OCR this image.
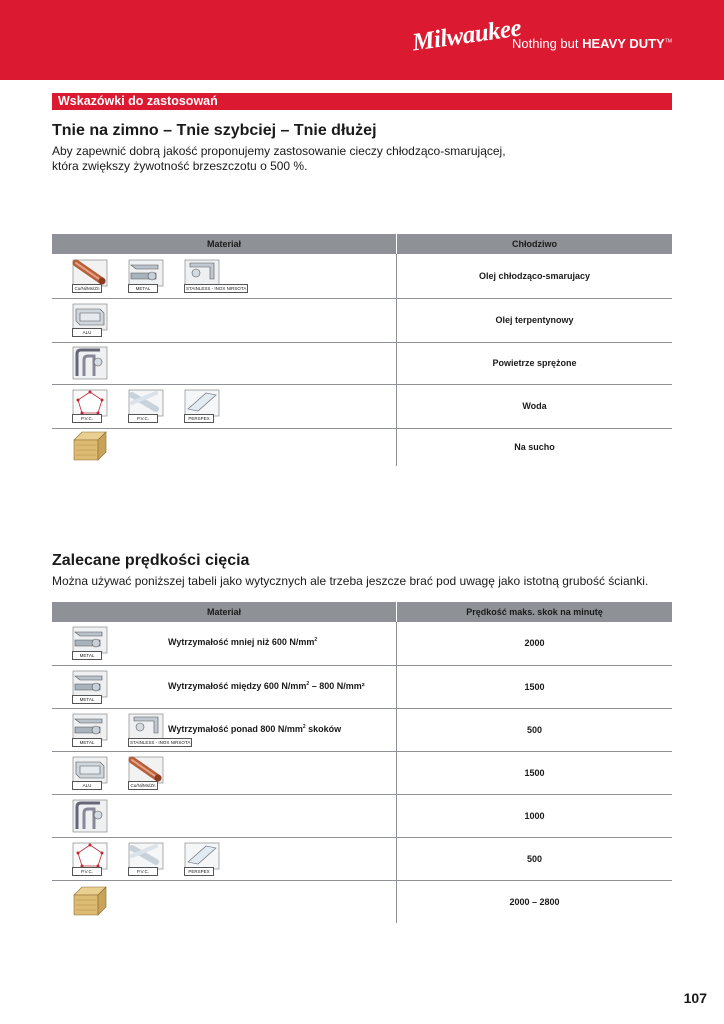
Milwaukee
Nothing but HEAVY DUTY™
Wskazówki do zastosowań
Tnie na zimno – Tnie szybciej – Tnie dłużej

Aby zapewnić dobrą jakość proponujemy zastosowanie cieczy chłodząco-smarującej,

która zwiększy żywotność brzeszczotu o 500 %.

Materiał	Chłodziwo

Cu/Ni/Ms/Zn METAL STAINLESS - INOX NIRSOTA	Olej chłodząco-smarujacy

ALU	Olej terpentynowy

	Powietrze sprężone

P.V.C. P.V.C. PERSPEX	Woda

	Na sucho
Zalecane prędkości cięcia

Można używać poniższej tabeli jako wytycznych ale trzeba jeszcze brać pod uwagę jako istotną grubość ścianki.

Materiał	Prędkość maks. skok na minutę

METAL
Wytrzymałość mniej niż 600 $N/mm^2$	2000

METAL
Wytrzymałość między 600 $N/mm^2 - 800$ N/mm²	1500

METAL STAINLESS - INOX NIRSOTA
Wytrzymałość ponad 800 $N/mm^2$ skoków	500

ALU Cu/Ni/Ms/Zn	1500

	1000

P.V.C. P.V.C. PERSPEX	500

	2000 – 2800
107
